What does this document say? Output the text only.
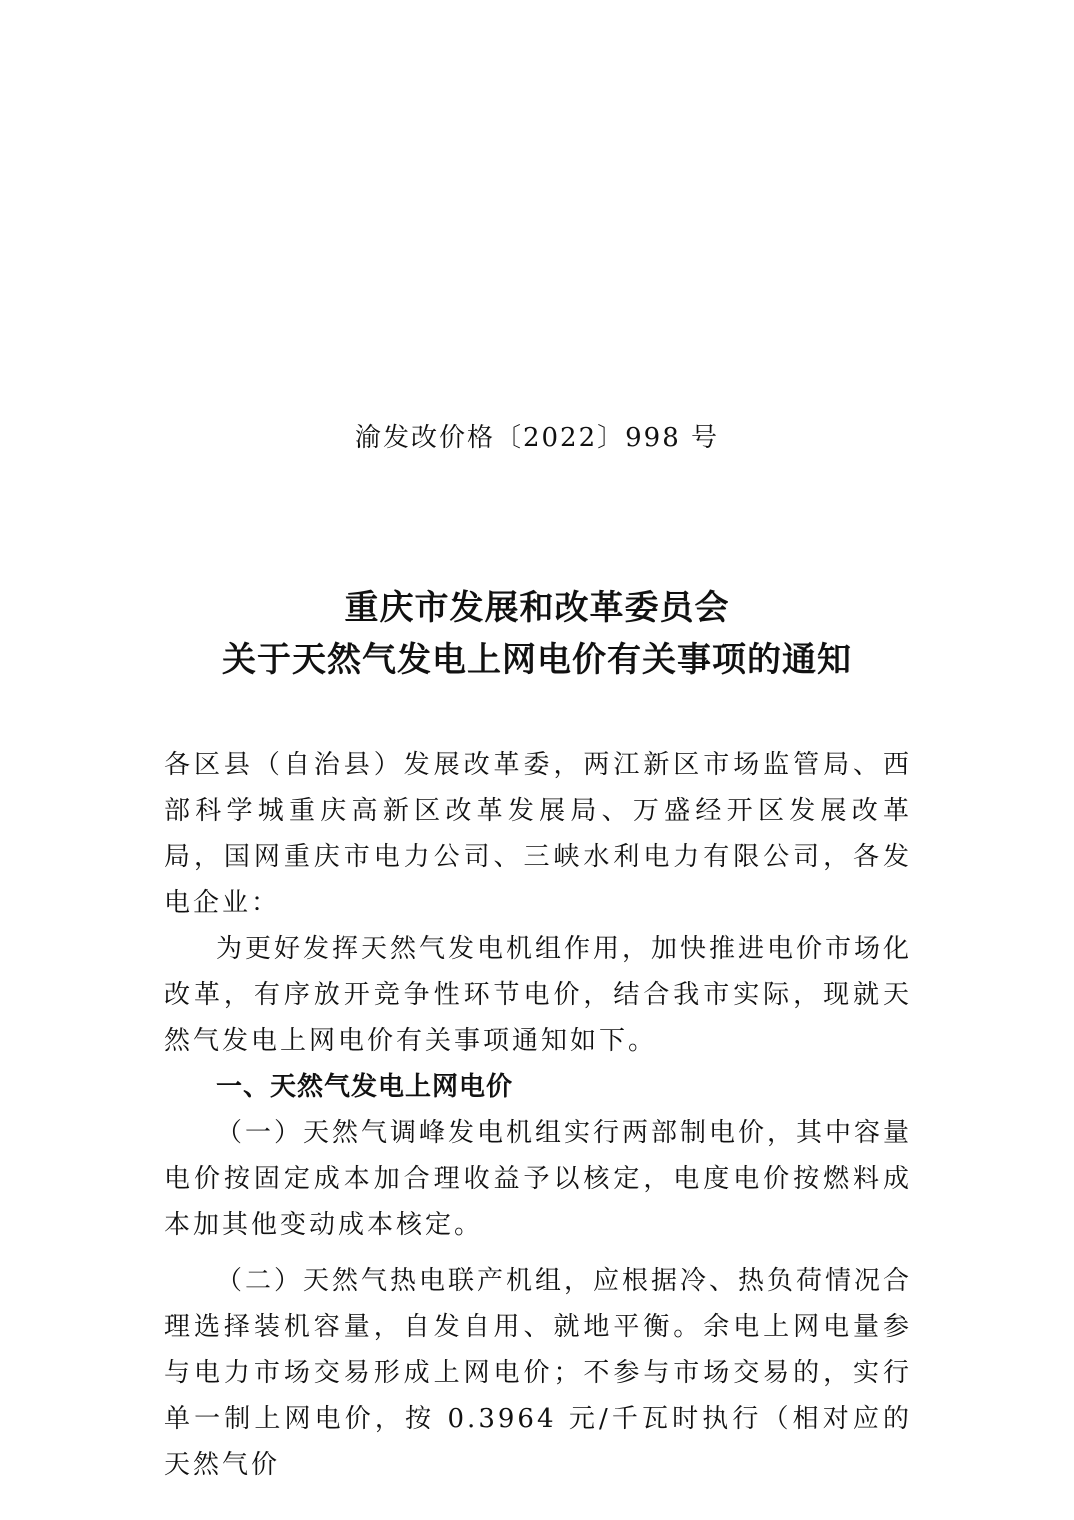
渝发改价格〔2022〕998 号
重庆市发展和改革委员会
关于天然气发电上网电价有关事项的通知

各区县（自治县）发展改革委，两江新区市场监管局、西部科学城重庆高新区改革发展局、万盛经开区发展改革局，国网重庆市电力公司、三峡水利电力有限公司，各发电企业：

为更好发挥天然气发电机组作用，加快推进电价市场化改革，有序放开竞争性环节电价，结合我市实际，现就天然气发电上网电价有关事项通知如下。

一、天然气发电上网电价

（一）天然气调峰发电机组实行两部制电价，其中容量电价按固定成本加合理收益予以核定，电度电价按燃料成本加其他变动成本核定。

（二）天然气热电联产机组，应根据冷、热负荷情况合理选择装机容量，自发自用、就地平衡。余电上网电量参与电力市场交易形成上网电价；不参与市场交易的，实行单一制上网电价，按 0.3964 元/千瓦时执行（相对应的天然气价
